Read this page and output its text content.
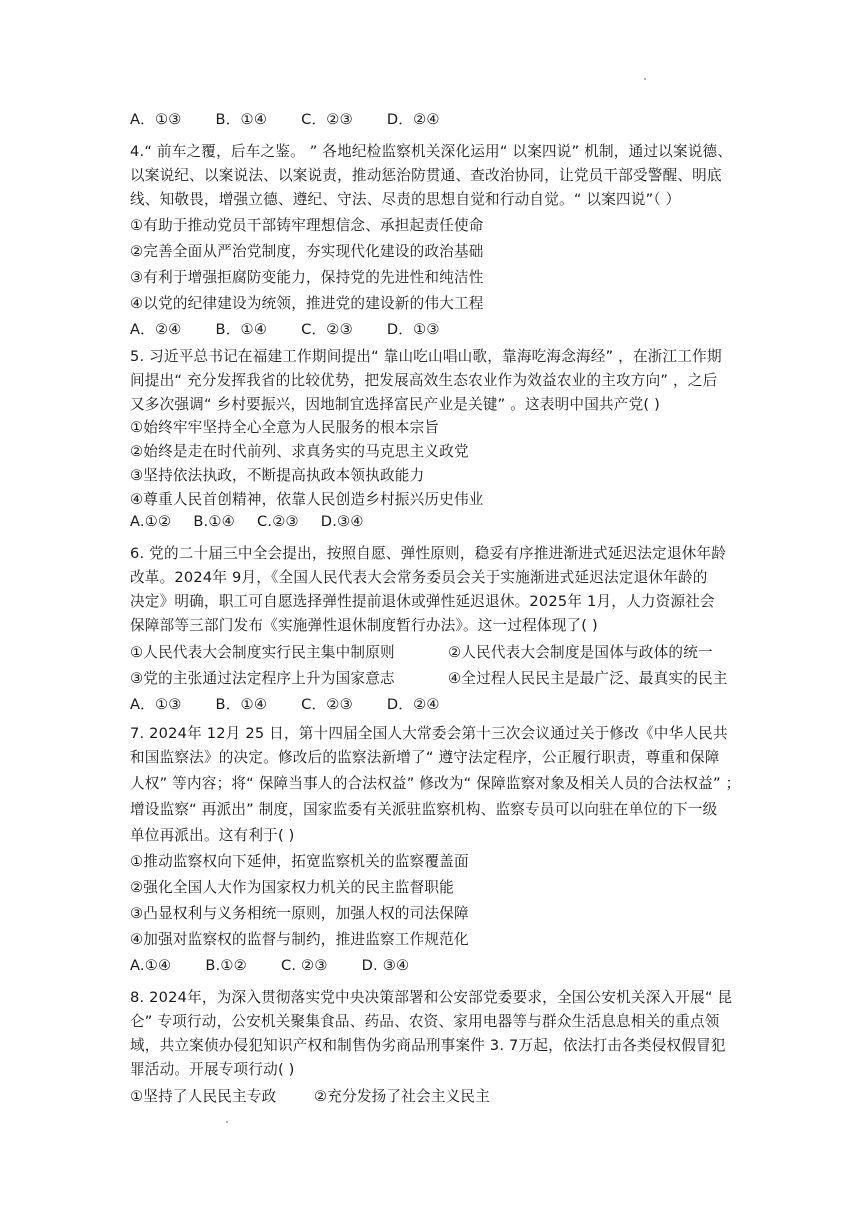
A．①③ B．①④ C．②③ D．②④
4.“ 前车之覆，后车之鉴。 ” 各地纪检监察机关深化运用“ 以案四说” 机制，通过以案说德、
以案说纪、以案说法、以案说责，推动惩治防贯通、查改治协同，让党员干部受警醒、明底
线、知敬畏，增强立德、遵纪、守法、尽责的思想自觉和行动自觉。“ 以案四说”（ ）
①有助于推动党员干部铸牢理想信念、承担起责任使命
②完善全面从严治党制度，夯实现代化建设的政治基础
③有利于增强拒腐防变能力，保持党的先进性和纯洁性
④以党的纪律建设为统领，推进党的建设新的伟大工程
A．②④ B．①④ C．②③ D．①③
5. 习近平总书记在福建工作期间提出“ 靠山吃山唱山歌，靠海吃海念海经” ，在浙江工作期
间提出“ 充分发挥我省的比较优势，把发展高效生态农业作为效益农业的主攻方向” ，之后
又多次强调“ 乡村要振兴，因地制宜选择富民产业是关键” 。这表明中国共产党( )
①始终牢牢坚持全心全意为人民服务的根本宗旨
②始终是走在时代前列、求真务实的马克思主义政党
③坚持依法执政，不断提高执政本领执政能力
④尊重人民首创精神，依靠人民创造乡村振兴历史伟业
A.①② B.①④ C.②③ D.③④
6. 党的二十届三中全会提出，按照自愿、弹性原则，稳妥有序推进渐进式延迟法定退休年龄
改革。2024年 9月，《全国人民代表大会常务委员会关于实施渐进式延迟法定退休年龄的
决定》明确，职工可自愿选择弹性提前退休或弹性延迟退休。2025年 1月，人力资源社会
保障部等三部门发布《实施弹性退休制度暂行办法》。这一过程体现了( )
①人民代表大会制度实行民主集中制原则	②人民代表大会制度是国体与政体的统一
③党的主张通过法定程序上升为国家意志	④全过程人民民主是最广泛、最真实的民主
A．①③ B．①④ C．②③ D．②④
7. 2024年 12月 25 日，第十四届全国人大常委会第十三次会议通过关于修改《中华人民共
和国监察法》的决定。修改后的监察法新增了“ 遵守法定程序，公正履行职责，尊重和保障
人权” 等内容；将“ 保障当事人的合法权益” 修改为“ 保障监察对象及相关人员的合法权益” ；
增设监察“ 再派出” 制度，国家监委有关派驻监察机构、监察专员可以向驻在单位的下一级
单位再派出。这有利于( )
①推动监察权向下延伸，拓宽监察机关的监察覆盖面
②强化全国人大作为国家权力机关的民主监督职能
③凸显权利与义务相统一原则，加强人权的司法保障
④加强对监察权的监督与制约，推进监察工作规范化
A.①④ B.①② C. ②③ D. ③④
8. 2024年，为深入贯彻落实党中央决策部署和公安部党委要求，全国公安机关深入开展“ 昆
仑” 专项行动，公安机关聚集食品、药品、农资、家用电器等与群众生活息息相关的重点领
域，共立案侦办侵犯知识产权和制售伪劣商品刑事案件 3. 7万起，依法打击各类侵权假冒犯
罪活动。开展专项行动( )
①坚持了人民民主专政	②充分发扬了社会主义民主
